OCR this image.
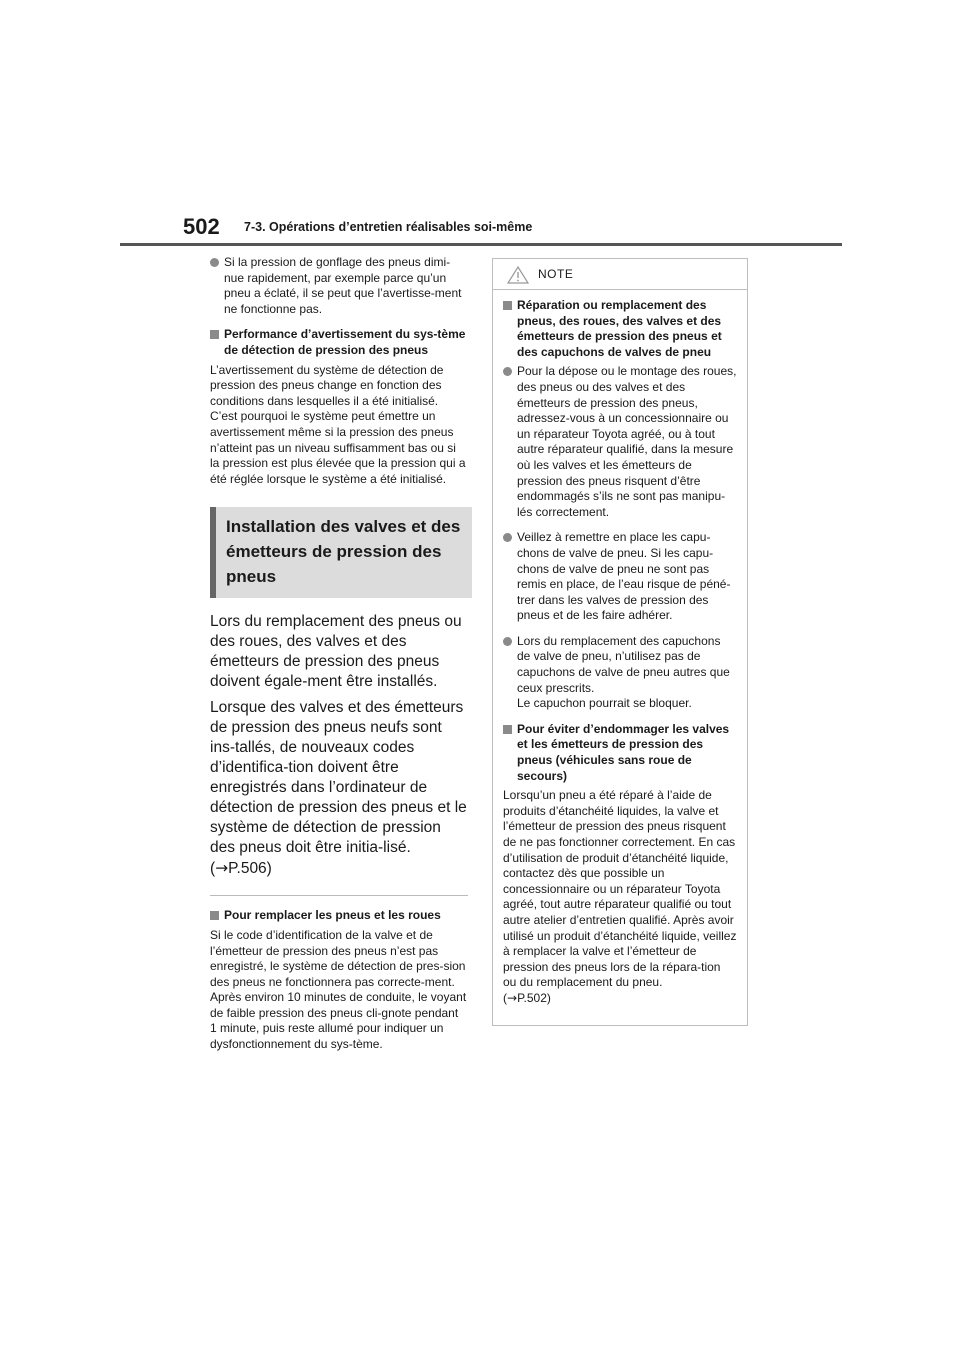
502 7-3. Opérations d’entretien réalisables soi-même

Si la pression de gonflage des pneus dimi-nue rapidement, par exemple parce qu’un pneu a éclaté, il se peut que l’avertisse-ment ne fonctionne pas.

Performance d’avertissement du sys-tème de détection de pression des pneus

L’avertissement du système de détection de pression des pneus change en fonction des conditions dans lesquelles il a été initialisé. C’est pourquoi le système peut émettre un avertissement même si la pression des pneus n’atteint pas un niveau suffisamment bas ou si la pression est plus élevée que la pression qui a été réglée lorsque le système a été initialisé.

Installation des valves et des émetteurs de pression des pneus

Lors du remplacement des pneus ou des roues, des valves et des émetteurs de pression des pneus doivent égale-ment être installés.

Lorsque des valves et des émetteurs de pression des pneus neufs sont ins-tallés, de nouveaux codes d’identifica-tion doivent être enregistrés dans l’ordinateur de détection de pression des pneus et le système de détection de pression des pneus doit être initia-lisé. (→P.506)

Pour remplacer les pneus et les roues

Si le code d’identification de la valve et de l’émetteur de pression des pneus n’est pas enregistré, le système de détection de pres-sion des pneus ne fonctionnera pas correcte-ment. Après environ 10 minutes de conduite, le voyant de faible pression des pneus cli-gnote pendant 1 minute, puis reste allumé pour indiquer un dysfonctionnement du sys-tème.

NOTE

Réparation ou remplacement des pneus, des roues, des valves et des émetteurs de pression des pneus et des capuchons de valves de pneu

Pour la dépose ou le montage des roues, des pneus ou des valves et des émetteurs de pression des pneus, adressez-vous à un concessionnaire ou un réparateur Toyota agréé, ou à tout autre réparateur qualifié, dans la mesure où les valves et les émetteurs de pression des pneus risquent d’être endommagés s’ils ne sont pas manipu-lés correctement.

Veillez à remettre en place les capu-chons de valve de pneu. Si les capu-chons de valve de pneu ne sont pas remis en place, de l’eau risque de péné-trer dans les valves de pression des pneus et de les faire adhérer.

Lors du remplacement des capuchons de valve de pneu, n’utilisez pas de capuchons de valve de pneu autres que ceux prescrits.
Le capuchon pourrait se bloquer.

Pour éviter d’endommager les valves et les émetteurs de pression des pneus (véhicules sans roue de secours)

Lorsqu’un pneu a été réparé à l’aide de produits d’étanchéité liquides, la valve et l’émetteur de pression des pneus risquent de ne pas fonctionner correctement. En cas d’utilisation de produit d’étanchéité liquide, contactez dès que possible un concessionnaire ou un réparateur Toyota agréé, tout autre réparateur qualifié ou tout autre atelier d’entretien qualifié. Après avoir utilisé un produit d’étanchéité liquide, veillez à remplacer la valve et l’émetteur de pression des pneus lors de la répara-tion ou du remplacement du pneu.
(→P.502)
